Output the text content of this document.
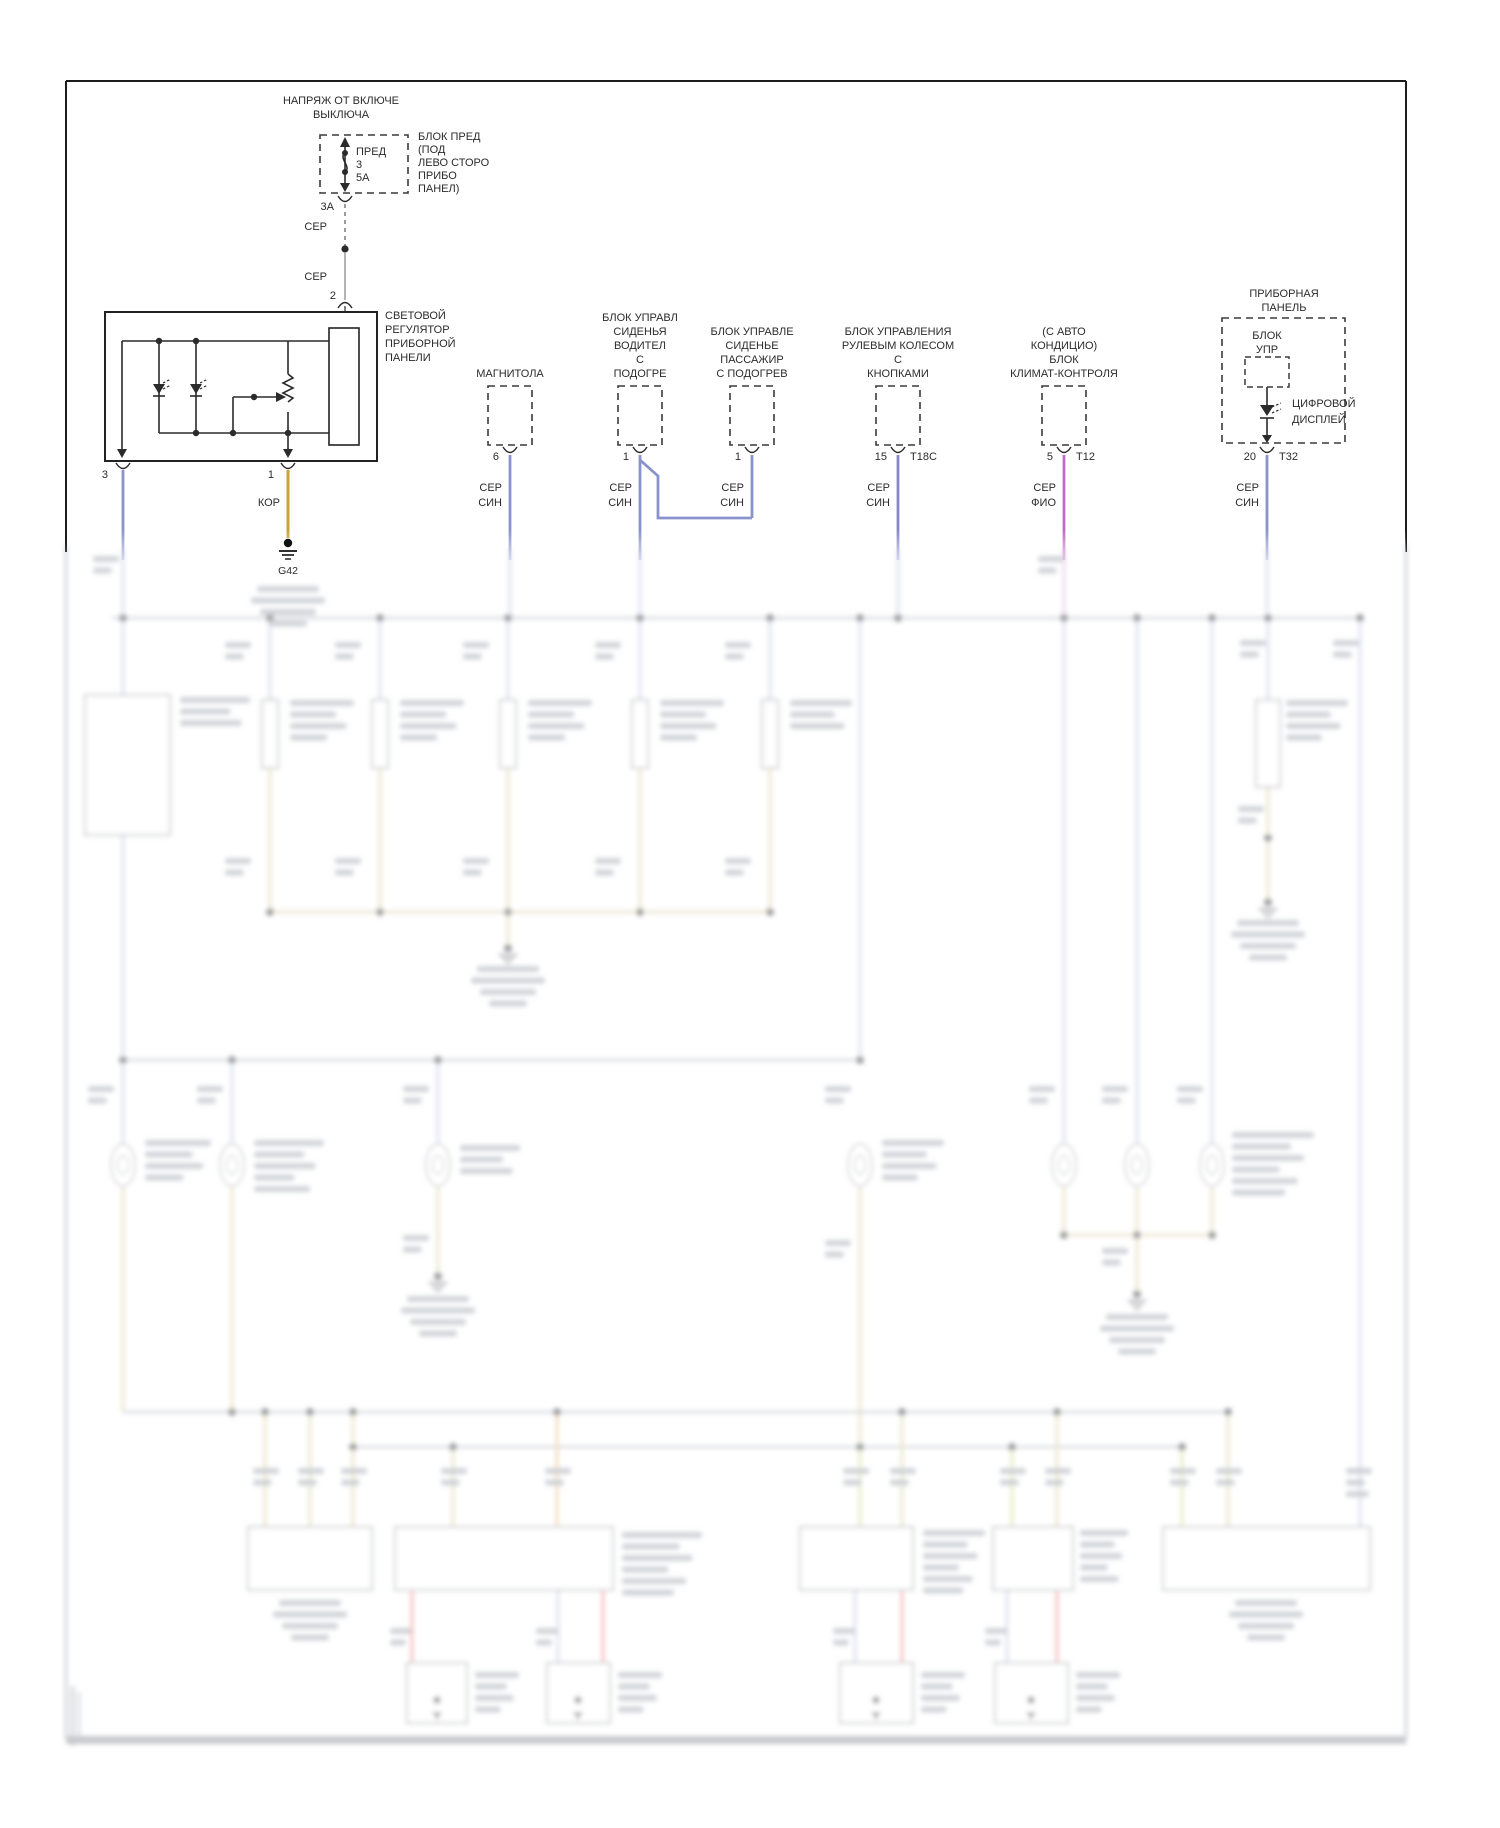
НАПРЯЖ ОТ ВКЛЮЧЕ
ВЫКЛЮЧА
ПРЕД
3
5A
БЛОК ПРЕД
(ПОД
ЛЕВО СТОРО
ПРИБО
ПАНЕЛ)
3А
СЕР
СЕР
2
СВЕТОВОЙ
РЕГУЛЯТОР
ПРИБОРНОЙ
ПАНЕЛИ
3	1
КОР
МАГНИТОЛА
6
СЕР
СИН
БЛОК УПРАВЛ
СИДЕНЬЯ
ВОДИТЕЛ
С
ПОДОГРЕ
1
СЕР
СИН
БЛОК УПРАВЛЕ
СИДЕНЬЕ
ПАССАЖИР
С ПОДОГРЕВ
1
СЕР
СИН
БЛОК УПРАВЛЕНИЯ
РУЛЕВЫМ КОЛЕСОМ
С
КНОПКАМИ
15 T18C
СЕР
СИН
(С АВТО
КОНДИЦИО)
БЛОК
КЛИМАТ-КОНТРОЛЯ
5 T12
СЕР
ФИО
ПРИБОРНАЯ
ПАНЕЛЬ
БЛОК
УПР
ЦИФРОВОЙ
ДИСПЛЕЙ
20 T32
СЕР
СИН
G42
